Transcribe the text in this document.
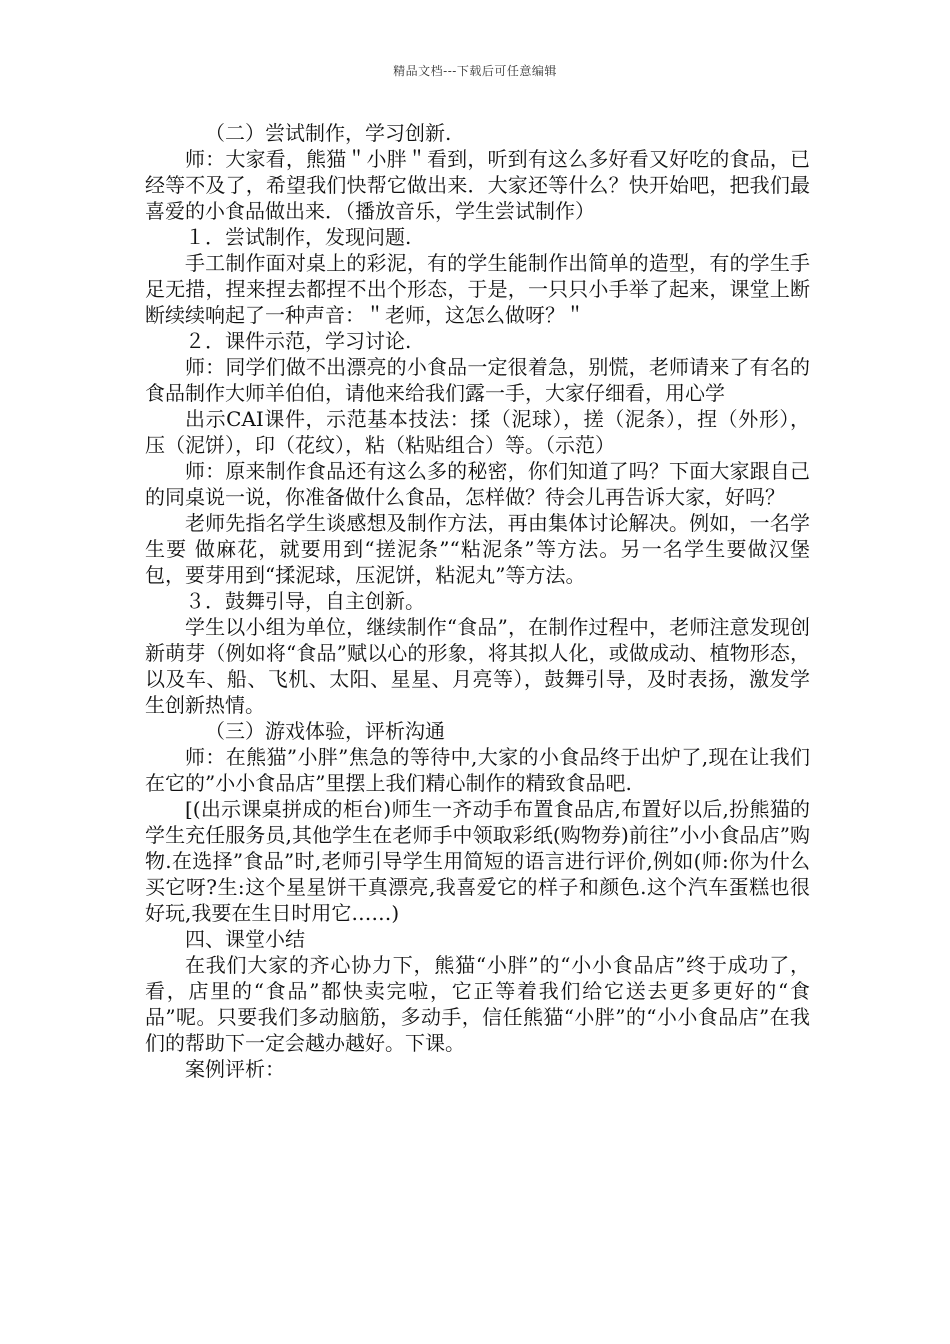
精品文档---下载后可任意编辑

（二）尝试制作，学习创新.

师：大家看，熊猫＂小胖＂看到，听到有这么多好看又好吃的食品，已经等不及了，希望我们快帮它做出来．大家还等什么？快开始吧，把我们最喜爱的小食品做出来．（播放音乐，学生尝试制作）

１．尝试制作，发现问题.

手工制作面对桌上的彩泥，有的学生能制作出简单的造型，有的学生手足无措，捏来捏去都捏不出个形态，于是，一只只小手举了起来，课堂上断断续续响起了一种声音：＂老师，这怎么做呀？＂

２．课件示范，学习讨论.

师：同学们做不出漂亮的小食品一定很着急，别慌，老师请来了有名的食品制作大师羊伯伯，请他来给我们露一手，大家仔细看，用心学

出示CAI课件，示范基本技法：揉（泥球），搓（泥条），捏（外形），压（泥饼），印（花纹），粘（粘贴组合）等。（示范）

师：原来制作食品还有这么多的秘密，你们知道了吗？下面大家跟自己的同桌说一说，你准备做什么食品，怎样做？待会儿再告诉大家，好吗？

老师先指名学生谈感想及制作方法，再由集体讨论解决。例如，一名学生要 做麻花，就要用到“搓泥条”“粘泥条”等方法。另一名学生要做汉堡包，要芽用到“揉泥球，压泥饼，粘泥丸”等方法。

３．鼓舞引导，自主创新。

学生以小组为单位，继续制作“食品”，在制作过程中，老师注意发现创新萌芽（例如将“食品”赋以心的形象，将其拟人化，或做成动、植物形态，以及车、船、飞机、太阳、星星、月亮等），鼓舞引导，及时表扬，激发学生创新热情。

（三）游戏体验，评析沟通

师：在熊猫”小胖”焦急的等待中,大家的小食品终于出炉了,现在让我们在它的”小小食品店”里摆上我们精心制作的精致食品吧.

[(出示课桌拼成的柜台)师生一齐动手布置食品店,布置好以后,扮熊猫的学生充任服务员,其他学生在老师手中领取彩纸(购物券)前往”小小食品店”购物.在选择”食品”时,老师引导学生用简短的语言进行评价,例如(师:你为什么买它呀?生:这个星星饼干真漂亮,我喜爱它的样子和颜色.这个汽车蛋糕也很好玩,我要在生日时用它……)

四、课堂小结

在我们大家的齐心协力下，熊猫“小胖”的“小小食品店”终于成功了，看，店里的“食品”都快卖完啦，它正等着我们给它送去更多更好的“食品”呢。只要我们多动脑筋，多动手，信任熊猫“小胖”的“小小食品店”在我们的帮助下一定会越办越好。下课。

案例评析：
